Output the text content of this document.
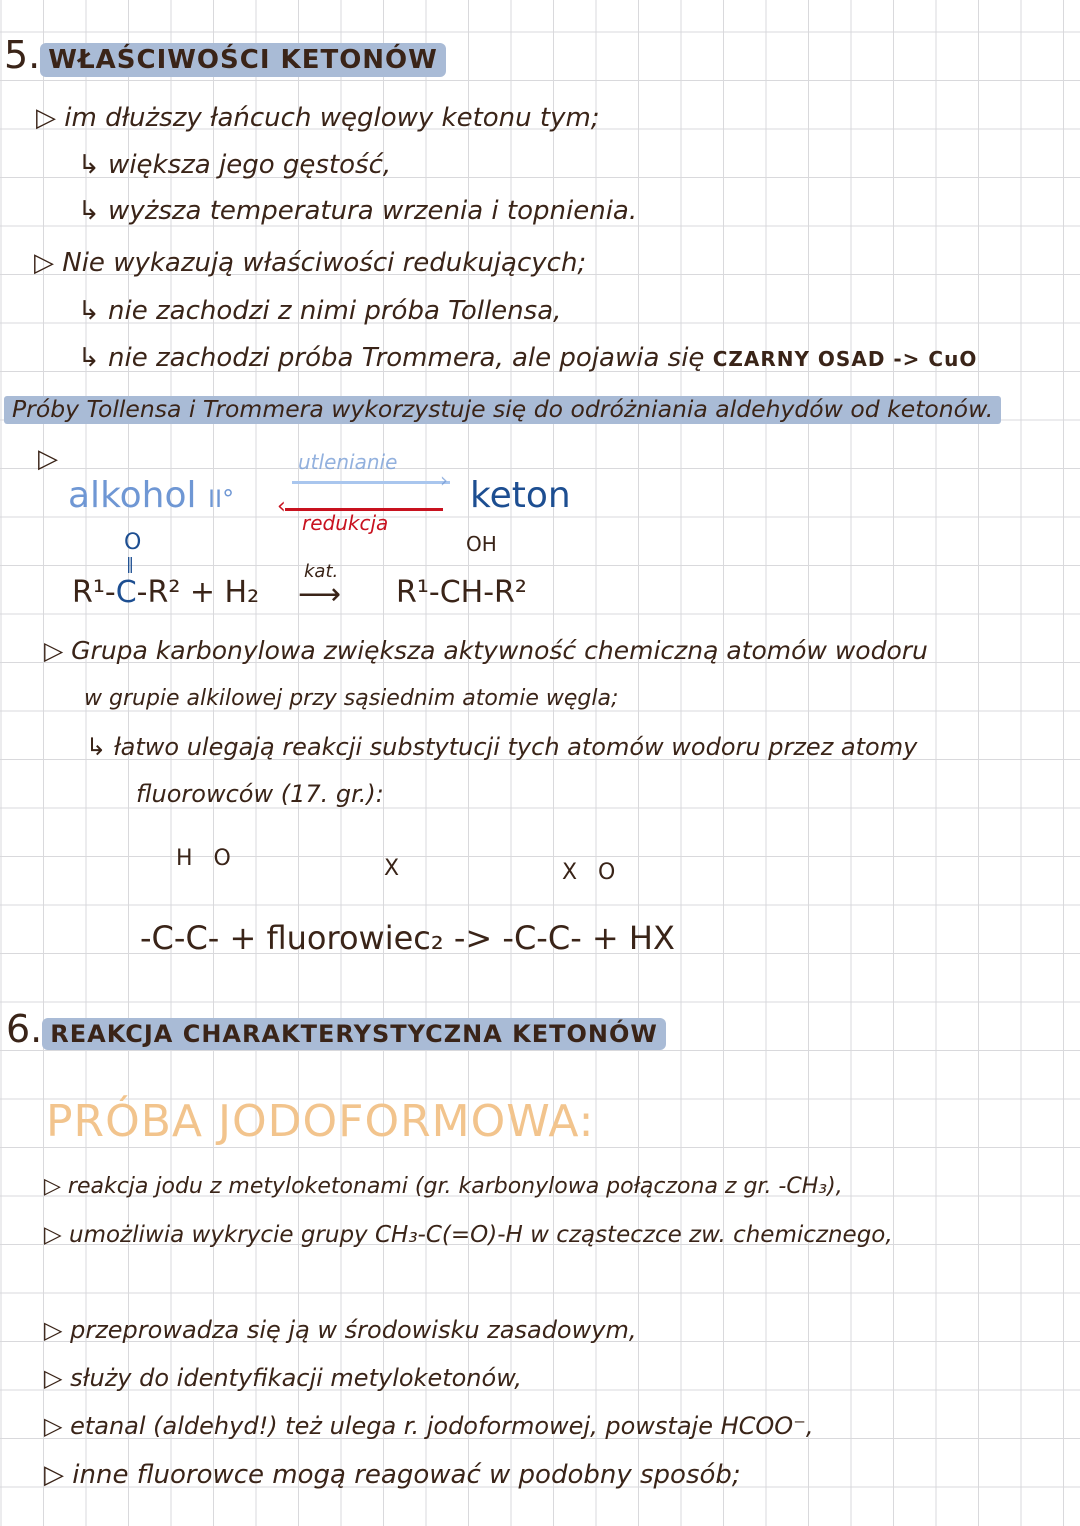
5. WŁAŚCIWOŚCI KETONÓW
▷ im dłuższy łańcuch węglowy ketonu tym;
↳ większa jego gęstość,
↳ wyższa temperatura wrzenia i topnienia.
▷ Nie wykazują właściwości redukujących;
↳ nie zachodzi z nimi próba Tollensa,
↳ nie zachodzi próba Trommera, ale pojawia się CZARNY OSAD -> CuO
Próby Tollensa i Trommera wykorzystuje się do odróżniania aldehydów od ketonów.
▷
alkohol II°
utlenianie
›
‹
redukcja
keton
O
‖
R¹-C-R² + H₂
kat.
⟶
OH
R¹-CH-R²
▷ Grupa karbonylowa zwiększa aktywność chemiczną atomów wodoru
w grupie alkilowej przy sąsiednim atomie węgla;
↳ łatwo ulegają reakcji substytucji tych atomów wodoru przez atomy
fluorowców (17. gr.):
H   O	X	X   O
-C-C- + fluorowiec₂ -> -C-C- + HX
6. REAKCJA CHARAKTERYSTYCZNA KETONÓW
PRÓBA JODOFORMOWA:
▷ reakcja jodu z metyloketonami (gr. karbonylowa połączona z gr. -CH₃),
▷ umożliwia wykrycie grupy CH₃-C(=O)-H w cząsteczce zw. chemicznego,
▷ przeprowadza się ją w środowisku zasadowym,
▷ służy do identyfikacji metyloketonów,
▷ etanal (aldehyd!) też ulega r. jodoformowej, powstaje HCOO⁻,
▷ inne fluorowce mogą reagować w podobny sposób;
